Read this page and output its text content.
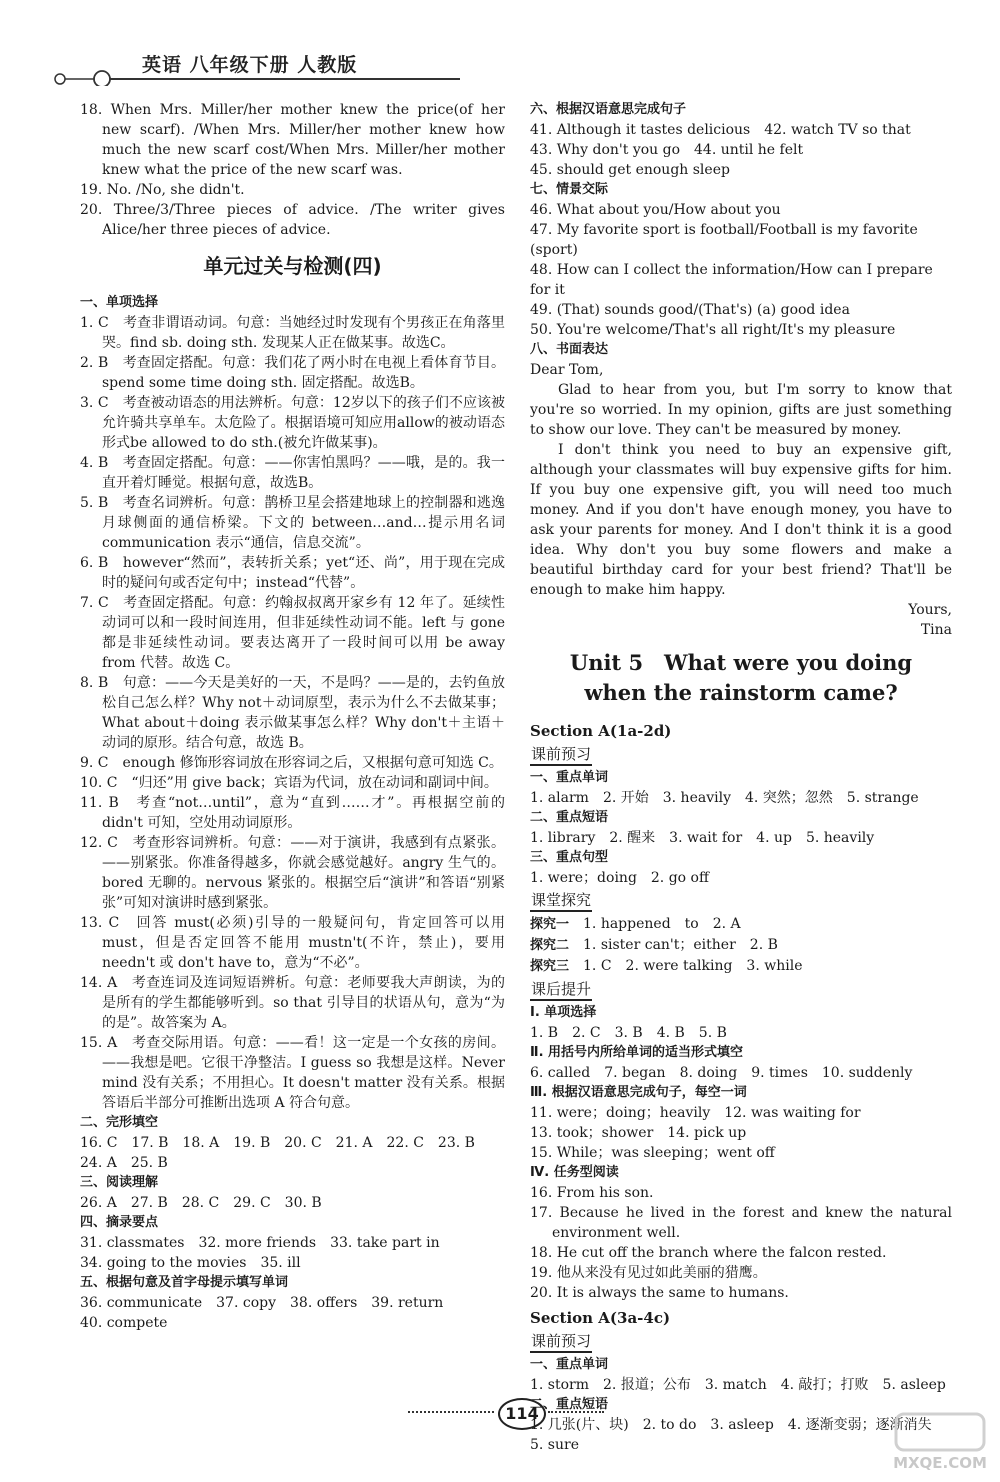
英语 八年级下册 人教版

18. When Mrs. Miller/her mother knew the price(of her new scarf). /When Mrs. Miller/her mother knew how much the new scarf cost/When Mrs. Miller/her mother knew what the price of the new scarf was.

19. No. /No, she didn't.

20. Three/3/Three pieces of advice. /The writer gives Alice/her three pieces of advice.

单元过关与检测(四)

一、单项选择

1. C　考查非谓语动词。句意：当她经过时发现有个男孩正在角落里哭。find sb. doing sth. 发现某人正在做某事。故选C。

2. B　考查固定搭配。句意：我们花了两小时在电视上看体育节目。spend some time doing sth. 固定搭配。故选B。

3. C　考查被动语态的用法辨析。句意：12岁以下的孩子们不应该被允许骑共享单车。太危险了。根据语境可知应用allow的被动语态形式be allowed to do sth.(被允许做某事)。

4. B　考查固定搭配。句意：——你害怕黑吗？——哦，是的。我一直开着灯睡觉。根据句意，故选B。

5. B　考查名词辨析。句意：鹊桥卫星会搭建地球上的控制器和逃逸月球侧面的通信桥梁。下文的 between…and…提示用名词 communication 表示“通信，信息交流”。

6. B　however“然而”，表转折关系；yet“还、尚”，用于现在完成时的疑问句或否定句中；instead“代替”。

7. C　考查固定搭配。句意：约翰叔叔离开家乡有 12 年了。延续性动词可以和一段时间连用，但非延续性动词不能。left 与 gone 都是非延续性动词。要表达离开了一段时间可以用 be away from 代替。故选 C。

8. B　句意：——今天是美好的一天，不是吗？——是的，去钓鱼放松自己怎么样？Why not＋动词原型，表示为什么不去做某事；What about＋doing 表示做某事怎么样？Why don't＋主语＋动词的原形。结合句意，故选 B。

9. C　enough 修饰形容词放在形容词之后，又根据句意可知选 C。

10. C　“归还”用 give back；宾语为代词，放在动词和副词中间。

11. B　考查“not…until”，意为“直到……才”。再根据空前的 didn't 可知，空处用动词原形。

12. C　考查形容词辨析。句意：——对于演讲，我感到有点紧张。——别紧张。你准备得越多，你就会感觉越好。angry 生气的。bored 无聊的。nervous 紧张的。根据空后“演讲”和答语“别紧张”可知对演讲时感到紧张。

13. C　回答 must(必须)引导的一般疑问句，肯定回答可以用must，但是否定回答不能用 mustn't(不许，禁止)，要用 needn't 或 don't have to，意为“不必”。

14. A　考查连词及连词短语辨析。句意：老师要我大声朗读，为的是所有的学生都能够听到。so that 引导目的状语从句，意为“为的是”。故答案为 A。

15. A　考查交际用语。句意：——看！这一定是一个女孩的房间。——我想是吧。它很干净整洁。I guess so 我想是这样。Never mind 没有关系；不用担心。It doesn't matter 没有关系。根据答语后半部分可推断出选项 A 符合句意。

二、完形填空

16. C　17. B　18. A　19. B　20. C　21. A　22. C　23. B

24. A　25. B

三、阅读理解

26. A　27. B　28. C　29. C　30. B

四、摘录要点

31. classmates　32. more friends　33. take part in

34. going to the movies　35. ill

五、根据句意及首字母提示填写单词

36. communicate　37. copy　38. offers　39. return

40. compete

六、根据汉语意思完成句子

41. Although it tastes delicious　42. watch TV so that

43. Why don't you go　44. until he felt

45. should get enough sleep

七、情景交际

46. What about you/How about you

47. My favorite sport is football/Football is my favorite (sport)

48. How can I collect the information/How can I prepare for it

49. (That) sounds good/(That's) (a) good idea

50. You're welcome/That's all right/It's my pleasure

八、书面表达

Dear Tom,

Glad to hear from you, but I'm sorry to know that you're so worried. In my opinion, gifts are just something to show our love. They can't be measured by money.

I don't think you need to buy an expensive gift, although your classmates will buy expensive gifts for him. If you buy one expensive gift, you will need too much money. And if you don't have enough money, you have to ask your parents for money. And I don't think it is a good idea. Why don't you buy some flowers and make a beautiful birthday card for your best friend? That'll be enough to make him happy.

Yours,

Tina

Unit 5　What were you doing
when the rainstorm came?

Section A(1a-2d)

课前预习

一、重点单词

1. alarm　2. 开始　3. heavily　4. 突然；忽然　5. strange

二、重点短语

1. library　2. 醒来　3. wait for　4. up　5. heavily

三、重点句型

1. were；doing　2. go off

课堂探究

探究一　 1. happened　to　2. A

探究二　 1. sister can't；either　2. B

探究三　 1. C　2. were talking　3. while

课后提升

Ⅰ. 单项选择

1. B　2. C　3. B　4. B　5. B

Ⅱ. 用括号内所给单词的适当形式填空

6. called　7. began　8. doing　9. times　10. suddenly

Ⅲ. 根据汉语意思完成句子，每空一词

11. were；doing；heavily　12. was waiting for

13. took；shower　14. pick up

15. While；was sleeping；went off

Ⅳ. 任务型阅读

16. From his son.

17. Because he lived in the forest and knew the natural environment well.

18. He cut off the branch where the falcon rested.

19. 他从来没有见过如此美丽的猎鹰。

20. It is always the same to humans.

Section A(3a-4c)

课前预习

一、重点单词

1. storm　2. 报道；公布　3. match　4. 敲打；打败　5. asleep

二、重点短语

1. 几张(片、块)　2. to do　3. asleep　4. 逐渐变弱；逐渐消失

5. sure

114
MXQE.COM
